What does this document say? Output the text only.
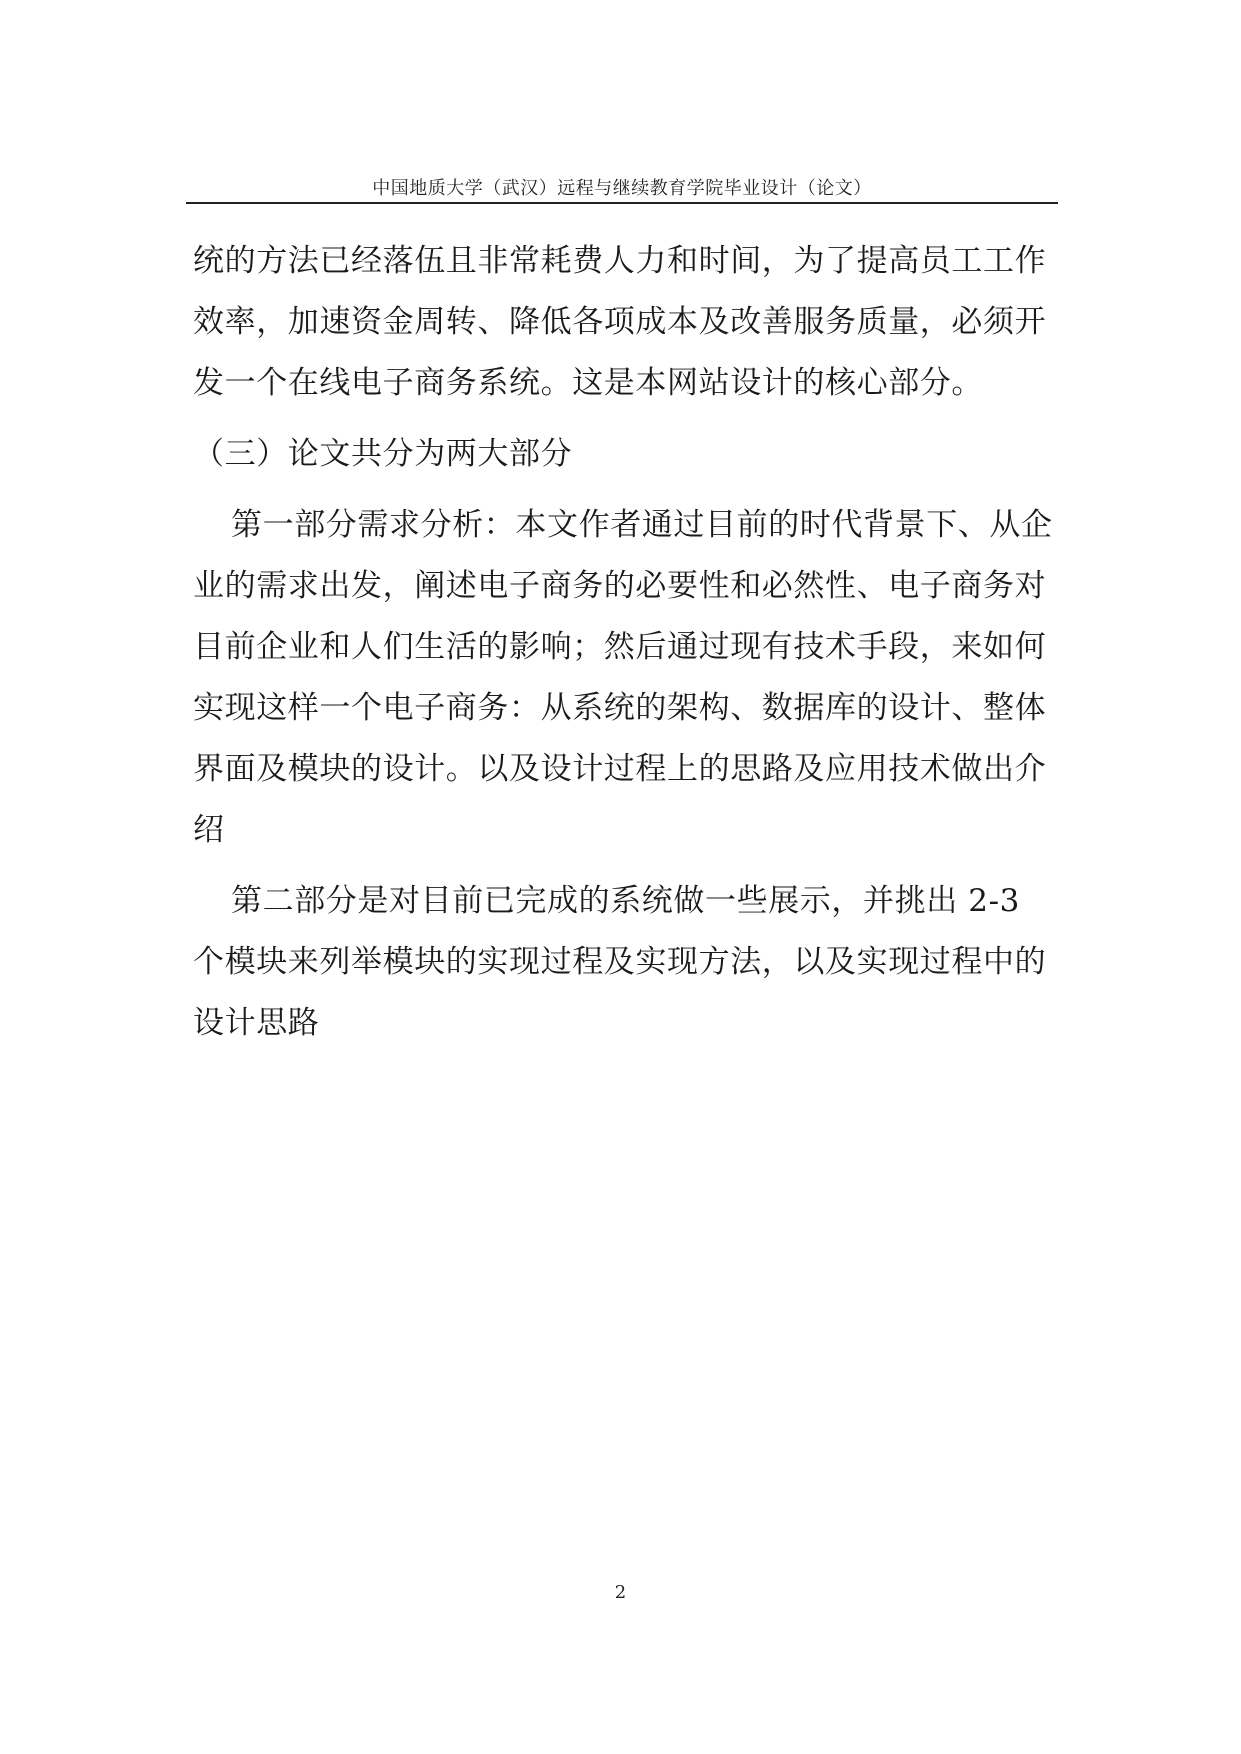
中国地质大学（武汉）远程与继续教育学院毕业设计（论文）

统的方法已经落伍且非常耗费人力和时间，为了提高员工工作效率，加速资金周转、降低各项成本及改善服务质量，必须开发一个在线电子商务系统。这是本网站设计的核心部分。

（三）论文共分为两大部分

第一部分需求分析：本文作者通过目前的时代背景下、从企业的需求出发，阐述电子商务的必要性和必然性、电子商务对目前企业和人们生活的影响；然后通过现有技术手段，来如何实现这样一个电子商务：从系统的架构、数据库的设计、整体界面及模块的设计。以及设计过程上的思路及应用技术做出介绍

第二部分是对目前已完成的系统做一些展示，并挑出 2-3 个模块来列举模块的实现过程及实现方法，以及实现过程中的设计思路

2
